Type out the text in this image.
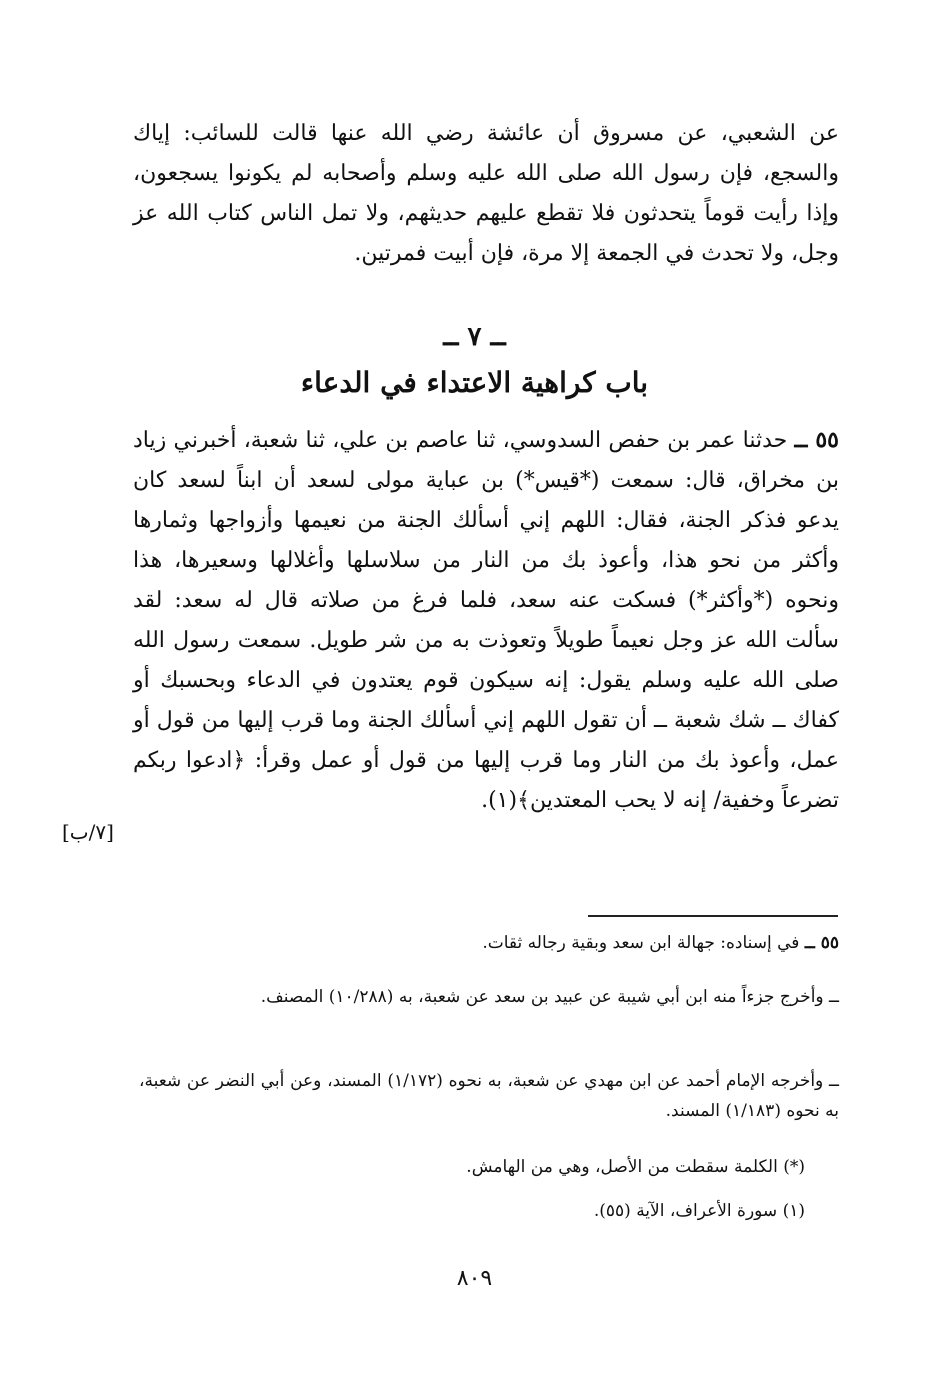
عن الشعبي، عن مسروق أن عائشة رضي الله عنها قالت للسائب: إياك والسجع، فإن رسول الله صلى الله عليه وسلم وأصحابه لم يكونوا يسجعون، وإذا رأيت قوماً يتحدثون فلا تقطع عليهم حديثهم، ولا تمل الناس كتاب الله عز وجل، ولا تحدث في الجمعة إلا مرة، فإن أبيت فمرتين.

ــ ٧ ــ
باب كراهية الاعتداء في الدعاء

٥٥ ــ حدثنا عمر بن حفص السدوسي، ثنا عاصم بن علي، ثنا شعبة، أخبرني زياد بن مخراق، قال: سمعت (*قيس*) بن عباية مولى لسعد أن ابناً لسعد كان يدعو فذكر الجنة، فقال: اللهم إني أسألك الجنة من نعيمها وأزواجها وثمارها وأكثر من نحو هذا، وأعوذ بك من النار من سلاسلها وأغلالها وسعيرها، هذا ونحوه (*وأكثر*) فسكت عنه سعد، فلما فرغ من صلاته قال له سعد: لقد سألت الله عز وجل نعيماً طويلاً وتعوذت به من شر طويل. سمعت رسول الله صلى الله عليه وسلم يقول: إنه سيكون قوم يعتدون في الدعاء وبحسبك أو كفاك ــ شك شعبة ــ أن تقول اللهم إني أسألك الجنة وما قرب إليها من قول أو عمل، وأعوذ بك من النار وما قرب إليها من قول أو عمل وقرأ: ﴿ادعوا ربكم تضرعاً وخفية/ إنه لا يحب المعتدين﴾(١).

[٧/ب]

٥٥ ــ في إسناده: جهالة ابن سعد وبقية رجاله ثقات.

ــ وأخرج جزءاً منه ابن أبي شيبة عن عبيد بن سعد عن شعبة، به (١٠/٢٨٨) المصنف.

ــ وأخرجه الإمام أحمد عن ابن مهدي عن شعبة، به نحوه (١/١٧٢) المسند، وعن أبي النضر عن شعبة، به نحوه (١/١٨٣) المسند.

(*) الكلمة سقطت من الأصل، وهي من الهامش.

(١) سورة الأعراف، الآية (٥٥).

٨٠٩
